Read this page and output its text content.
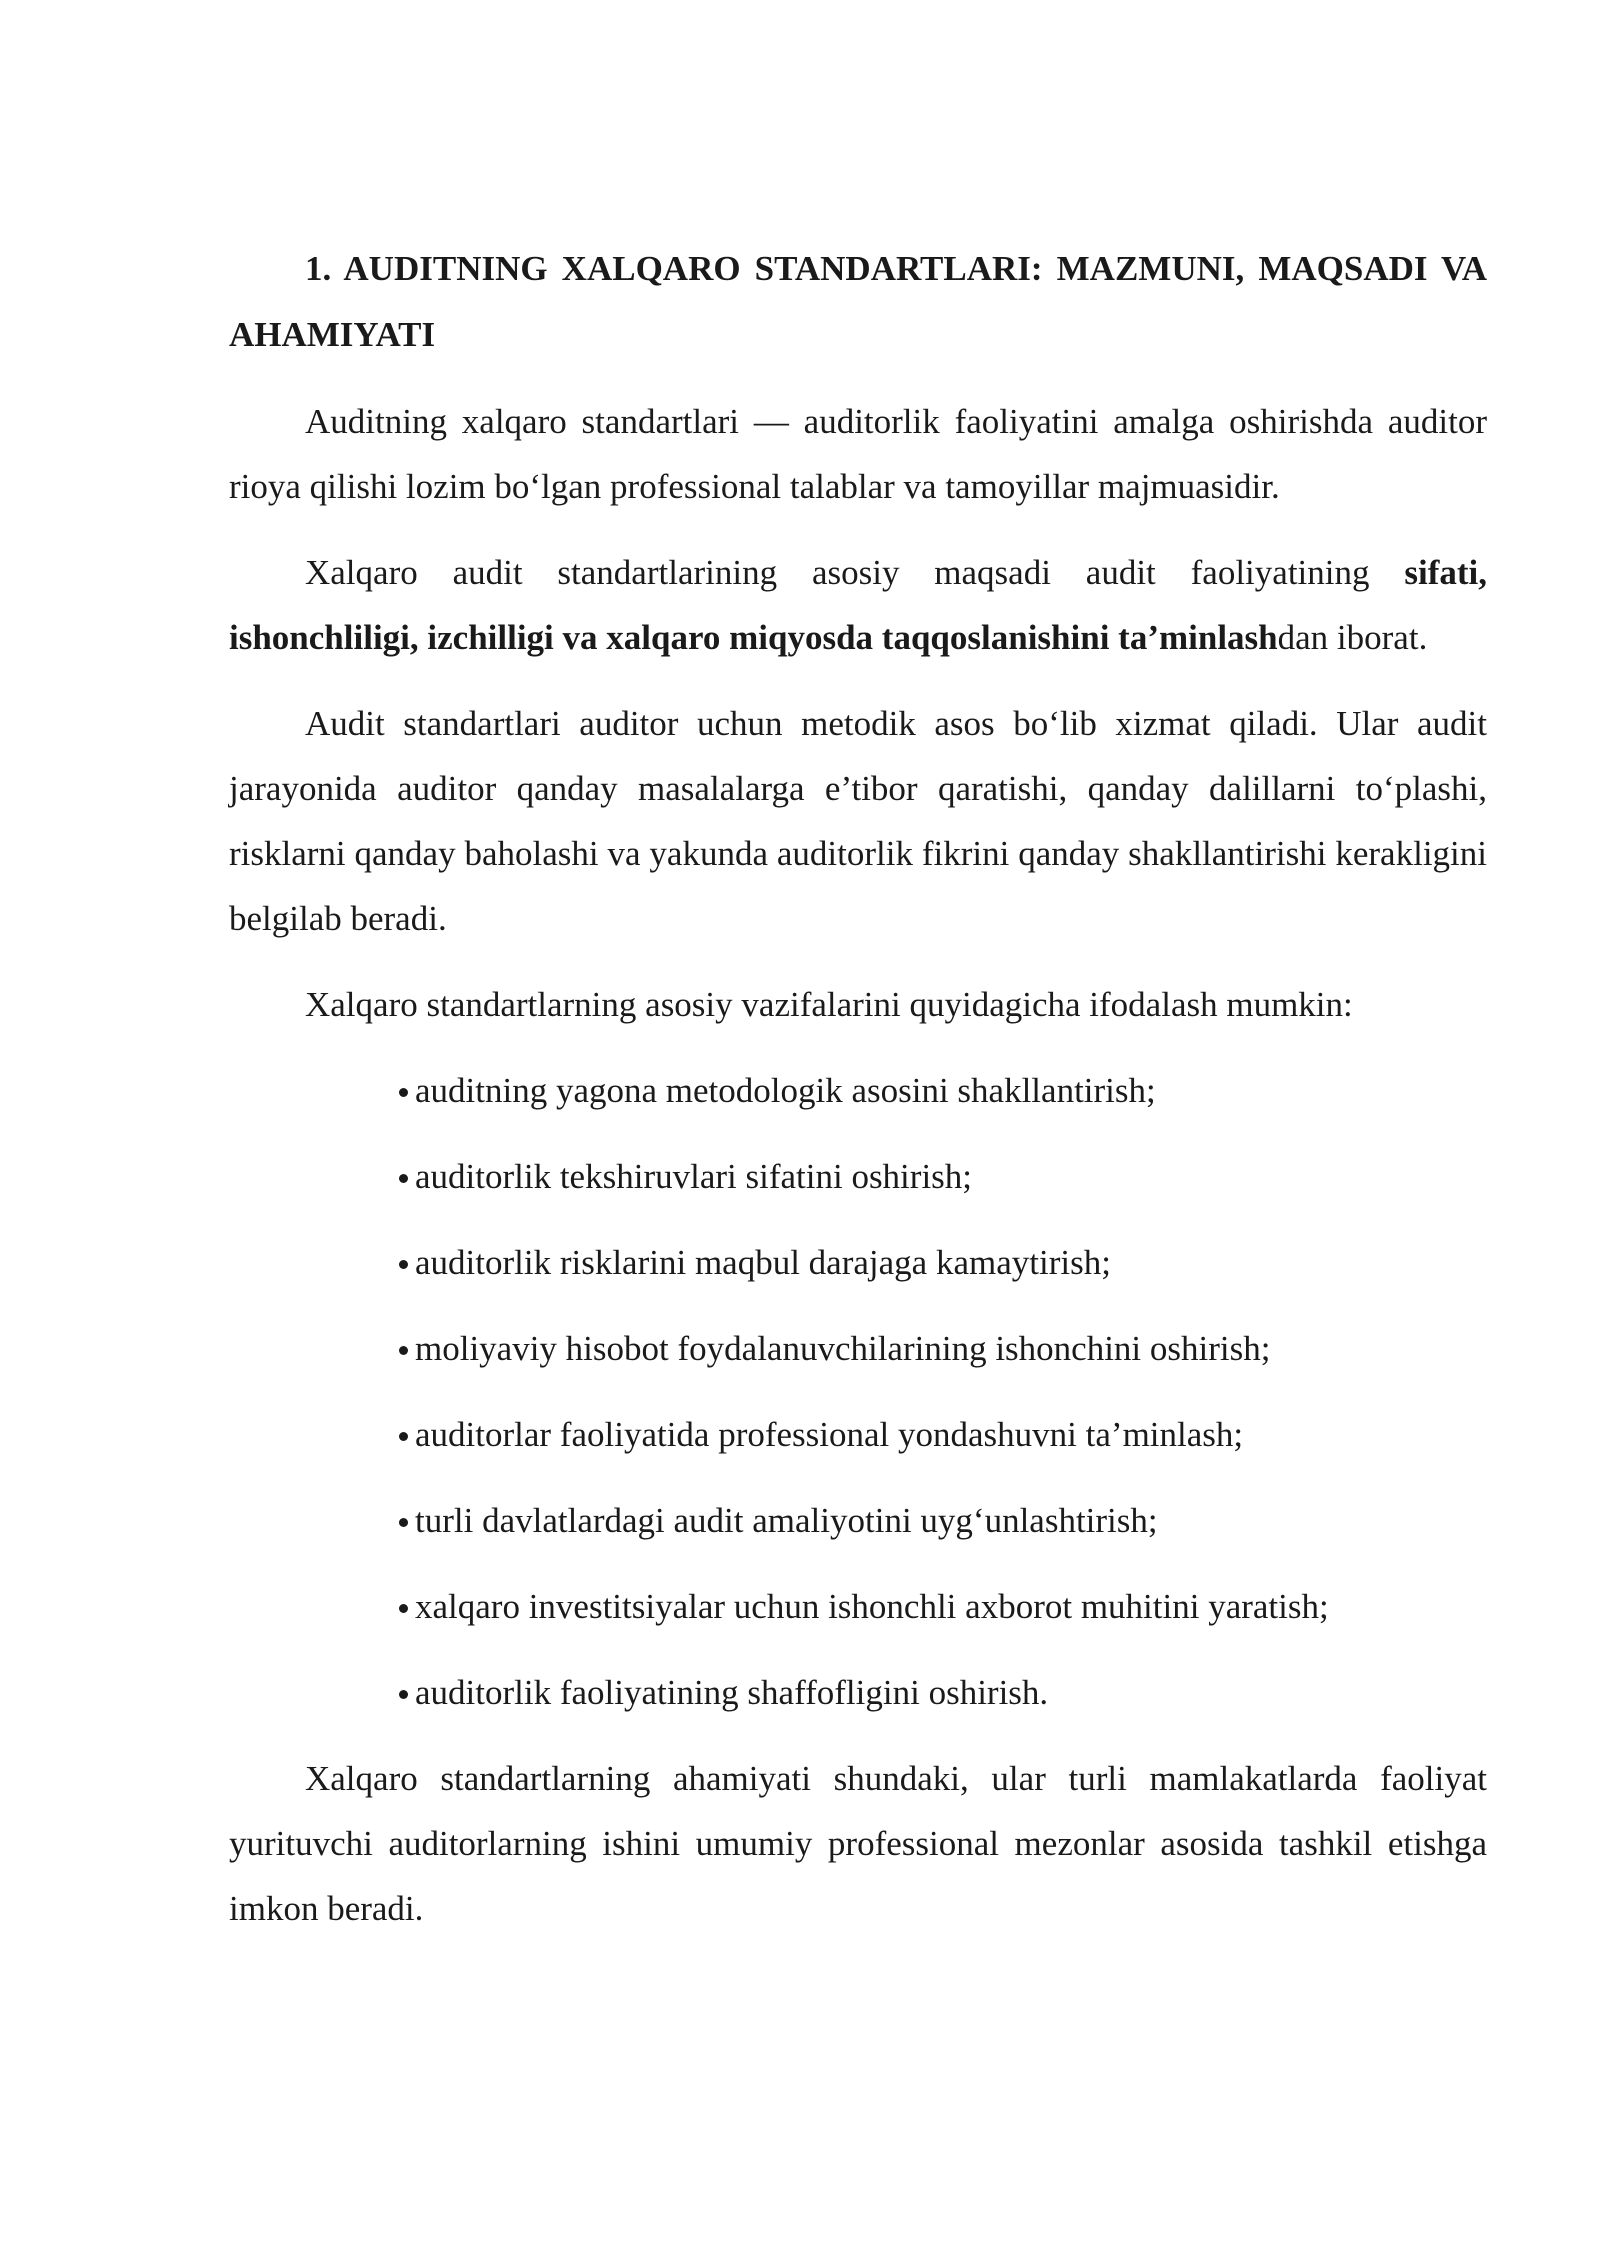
1. AUDITNING XALQARO STANDARTLARI: MAZMUNI, MAQSADI VA AHAMIYATI

Auditning xalqaro standartlari — auditorlik faoliyatini amalga oshirishda auditor rioya qilishi lozim bo‘lgan professional talablar va tamoyillar majmuasidir.

Xalqaro audit standartlarining asosiy maqsadi audit faoliyatining sifati, ishonchliligi, izchilligi va xalqaro miqyosda taqqoslanishini ta’minlashdan iborat.

Audit standartlari auditor uchun metodik asos bo‘lib xizmat qiladi. Ular audit jarayonida auditor qanday masalalarga e’tibor qaratishi, qanday dalillarni to‘plashi, risklarni qanday baholashi va yakunda auditorlik fikrini qanday shakllantirishi kerakligini belgilab beradi.

Xalqaro standartlarning asosiy vazifalarini quyidagicha ifodalash mumkin:

auditning yagona metodologik asosini shakllantirish;
auditorlik tekshiruvlari sifatini oshirish;
auditorlik risklarini maqbul darajaga kamaytirish;
moliyaviy hisobot foydalanuvchilarining ishonchini oshirish;
auditorlar faoliyatida professional yondashuvni ta’minlash;
turli davlatlardagi audit amaliyotini uyg‘unlashtirish;
xalqaro investitsiyalar uchun ishonchli axborot muhitini yaratish;
auditorlik faoliyatining shaffofligini oshirish.

Xalqaro standartlarning ahamiyati shundaki, ular turli mamlakatlarda faoliyat yurituvchi auditorlarning ishini umumiy professional mezonlar asosida tashkil etishga imkon beradi.
